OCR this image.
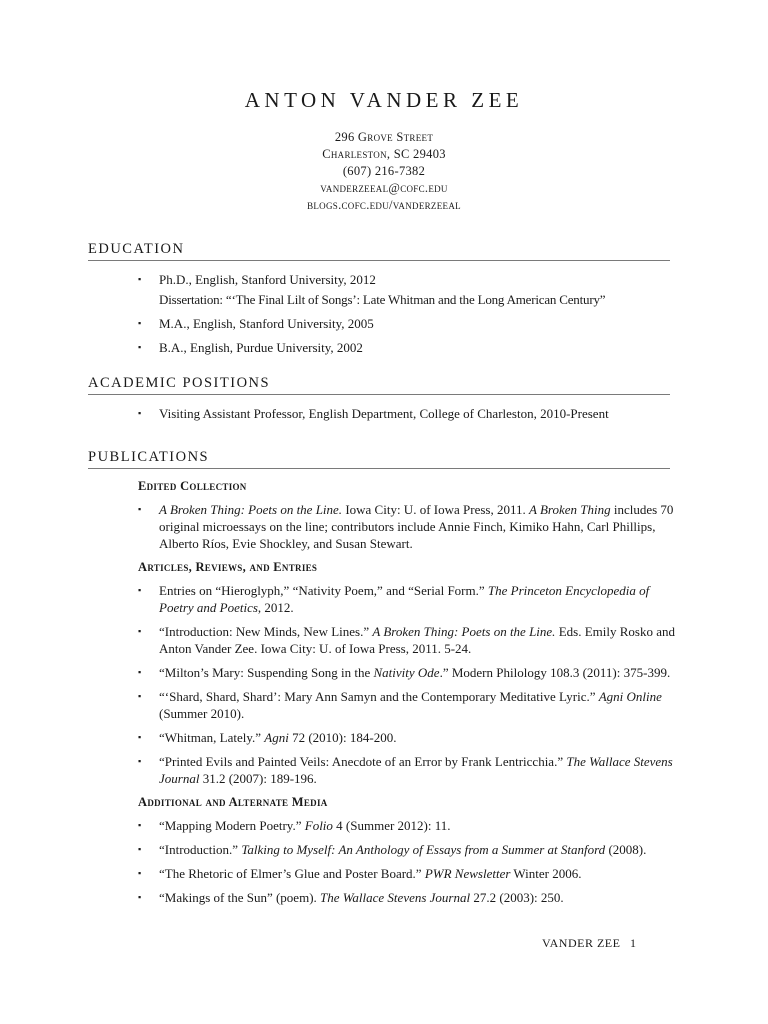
ANTON VANDER ZEE
296 Grove Street
Charleston, SC 29403
(607) 216-7382
vanderzeeal@cofc.edu
blogs.cofc.edu/vanderzeeal
EDUCATION
▪ Ph.D., English, Stanford University, 2012
Dissertation: “‘The Final Lilt of Songs’: Late Whitman and the Long American Century”
▪ M.A., English, Stanford University, 2005
▪ B.A., English, Purdue University, 2002
ACADEMIC POSITIONS
▪ Visiting Assistant Professor, English Department, College of Charleston, 2010-Present
PUBLICATIONS
Edited Collection
▪ A Broken Thing: Poets on the Line. Iowa City: U. of Iowa Press, 2011. A Broken Thing includes 70 original microessays on the line; contributors include Annie Finch, Kimiko Hahn, Carl Phillips, Alberto Ríos, Evie Shockley, and Susan Stewart.
Articles, Reviews, and Entries
▪ Entries on “Hieroglyph,” “Nativity Poem,” and “Serial Form.” The Princeton Encyclopedia of Poetry and Poetics, 2012.
▪ “Introduction: New Minds, New Lines.” A Broken Thing: Poets on the Line. Eds. Emily Rosko and Anton Vander Zee. Iowa City: U. of Iowa Press, 2011. 5-24.
▪ “Milton’s Mary: Suspending Song in the Nativity Ode.” Modern Philology 108.3 (2011): 375-399.
▪ “‘Shard, Shard, Shard’: Mary Ann Samyn and the Contemporary Meditative Lyric.” Agni Online (Summer 2010).
▪ “Whitman, Lately.” Agni 72 (2010): 184-200.
▪ “Printed Evils and Painted Veils: Anecdote of an Error by Frank Lentricchia.” The Wallace Stevens Journal 31.2 (2007): 189-196.
Additional and Alternate Media
▪ “Mapping Modern Poetry.” Folio 4 (Summer 2012): 11.
▪ “Introduction.” Talking to Myself: An Anthology of Essays from a Summer at Stanford (2008).
▪ “The Rhetoric of Elmer’s Glue and Poster Board.” PWR Newsletter Winter 2006.
▪ “Makings of the Sun” (poem). The Wallace Stevens Journal 27.2 (2003): 250.
VANDER ZEE 1
